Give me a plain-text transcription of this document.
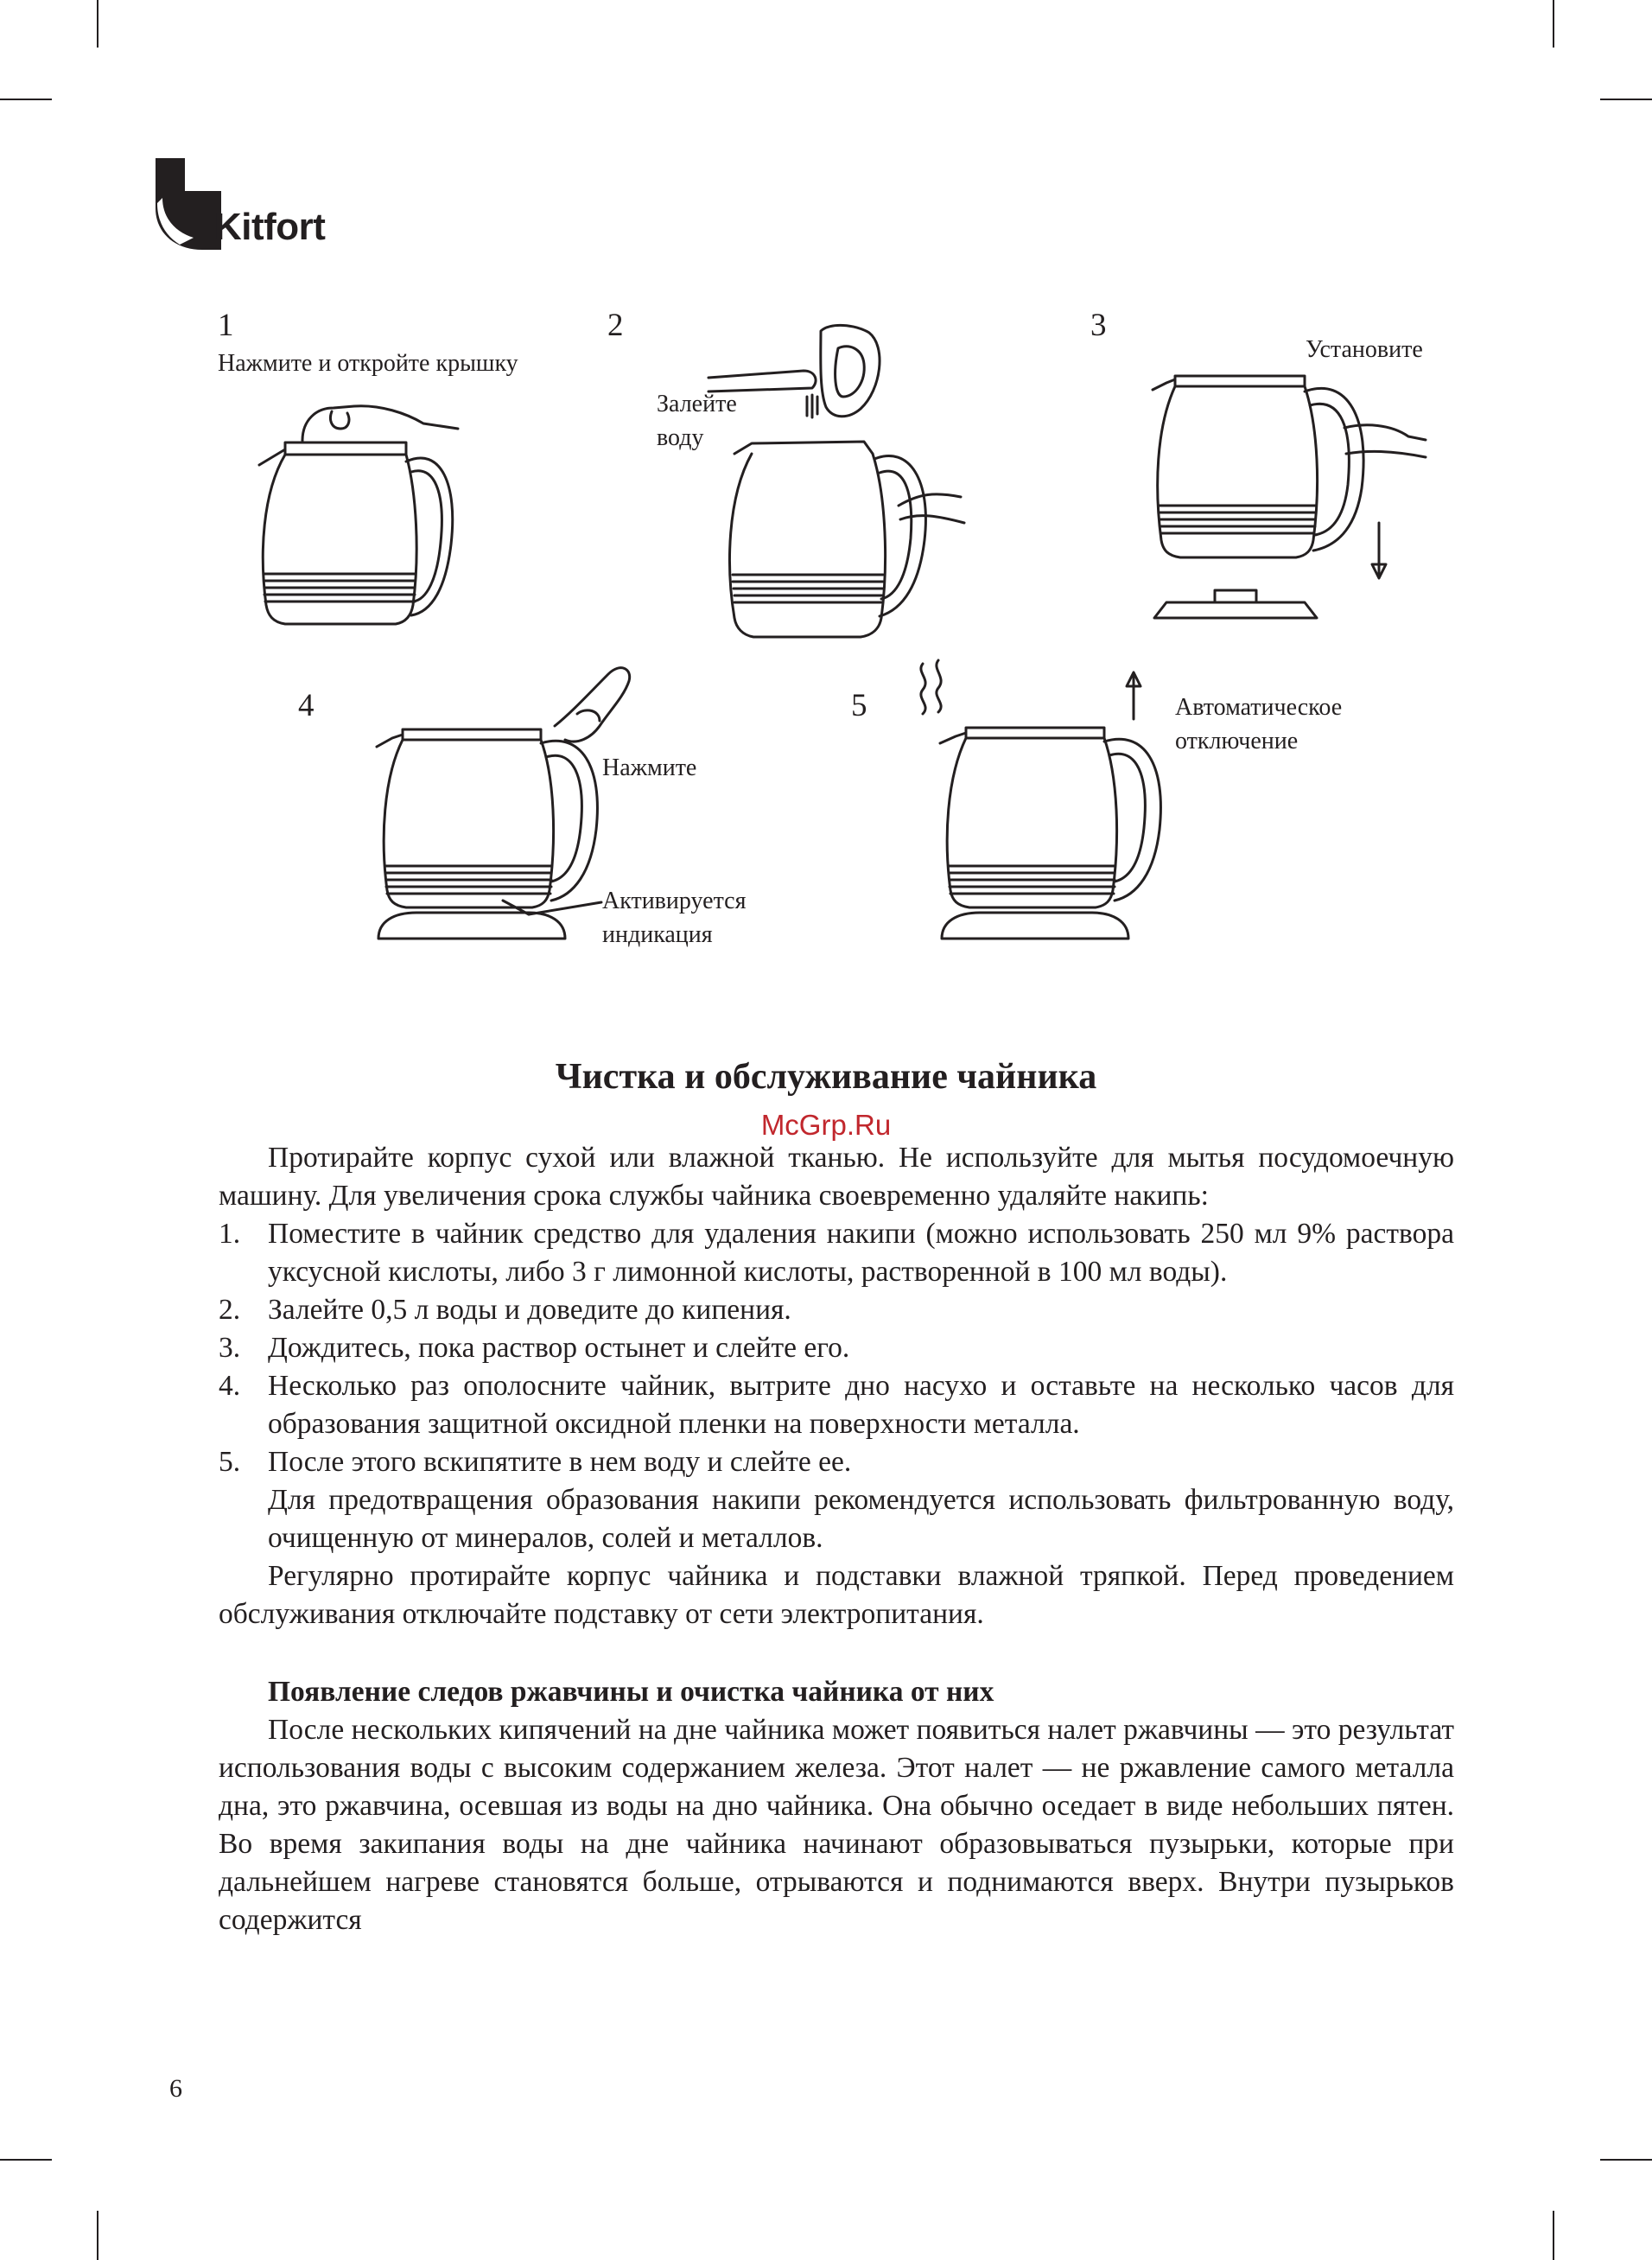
Kitfort
1
Нажмите и откройте крышку
2
Залейте
воду
3
Установите
4
Нажмите
Активируется
индикация
5	Автоматическое
отключение
Чистка и обслуживание чайника
McGrp.Ru
Протирайте корпус сухой или влажной тканью. Не используйте для мытья посудомоечную машину. Для увеличения срока службы чайника своевременно удаляйте накипь:
1. Поместите в чайник средство для удаления накипи (можно использовать 250 мл 9% раствора уксусной кислоты, либо 3 г лимонной кислоты, растворенной в 100 мл воды).
2. Залейте 0,5 л воды и доведите до кипения.
3. Дождитесь, пока раствор остынет и слейте его.
4. Несколько раз ополосните чайник, вытрите дно насухо и оставьте на несколько часов для образования защитной оксидной пленки на поверхности металла.
5. После этого вскипятите в нем воду и слейте ее.
Для предотвращения образования накипи рекомендуется использовать фильтрованную воду, очищенную от минералов, солей и металлов.
Регулярно протирайте корпус чайника и подставки влажной тряпкой. Перед проведением обслуживания отключайте подставку от сети электропитания.
Появление следов ржавчины и очистка чайника от них
После нескольких кипячений на дне чайника может появиться налет ржавчины — это результат использования воды с высоким содержанием железа. Этот налет — не ржавление самого металла дна, это ржавчина, осевшая из воды на дно чайника. Она обычно оседает в виде небольших пятен. Во время закипания воды на дне чайника начинают образовываться пузырьки, которые при дальнейшем нагреве становятся больше, отрываются и поднимаются вверх. Внутри пузырьков содержится
6
